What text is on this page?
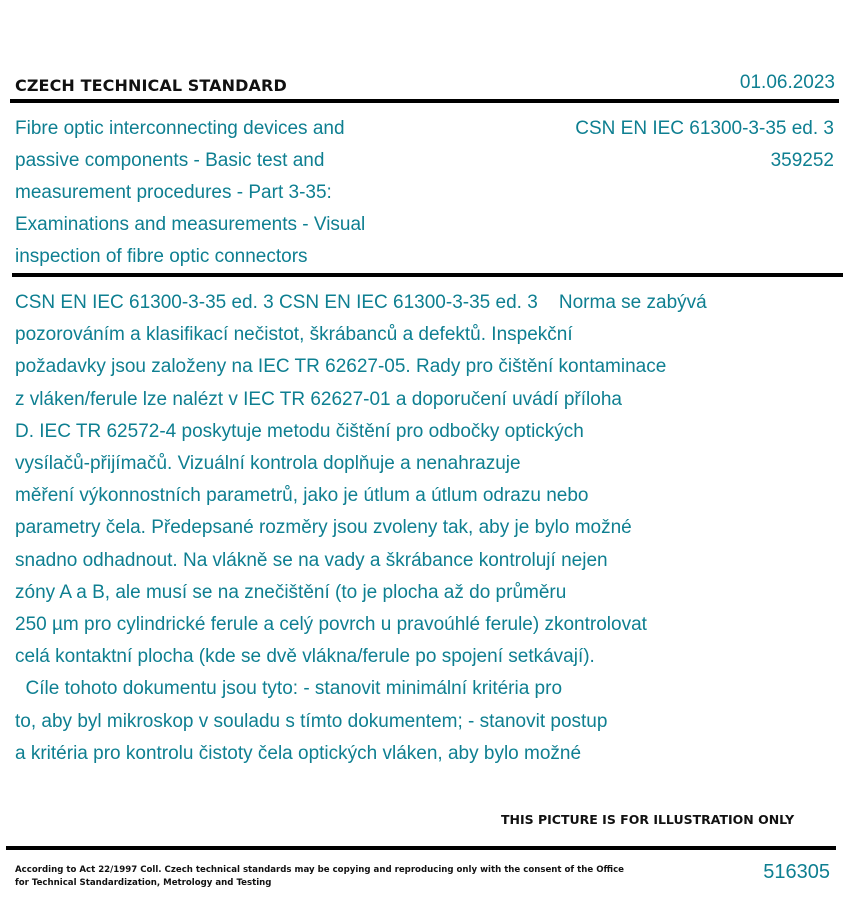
CZECH TECHNICAL STANDARD	01.06.2023
Fibre optic interconnecting devices and
passive components - Basic test and
measurement procedures - Part 3-35:
Examinations and measurements - Visual
inspection of fibre optic connectors
CSN EN IEC 61300-3-35 ed. 3
359252
CSN EN IEC 61300-3-35 ed. 3 CSN EN IEC 61300-3-35 ed. 3    Norma se zabývá
pozorováním a klasifikací nečistot, škrábanců a defektů. Inspekční
požadavky jsou založeny na IEC TR 62627-05. Rady pro čištění kontaminace
z vláken/ferule lze nalézt v IEC TR 62627-01 a doporučení uvádí příloha
D. IEC TR 62572-4 poskytuje metodu čištění pro odbočky optických
vysílačů-přijímačů. Vizuální kontrola doplňuje a nenahrazuje
měření výkonnostních parametrů, jako je útlum a útlum odrazu nebo
parametry čela. Předepsané rozměry jsou zvoleny tak, aby je bylo možné
snadno odhadnout. Na vlákně se na vady a škrábance kontrolují nejen
zóny A a B, ale musí se na znečištění (to je plocha až do průměru
250 µm pro cylindrické ferule a celý povrch u pravoúhlé ferule) zkontrolovat
celá kontaktní plocha (kde se dvě vlákna/ferule po spojení setkávají).
Cíle tohoto dokumentu jsou tyto: - stanovit minimální kritéria pro
to, aby byl mikroskop v souladu s tímto dokumentem; - stanovit postup
a kritéria pro kontrolu čistoty čela optických vláken, aby bylo možné
THIS PICTURE IS FOR ILLUSTRATION ONLY
According to Act 22/1997 Coll. Czech technical standards may be copying and reproducing only with the consent of the Office
for Technical Standardization, Metrology and Testing	516305
